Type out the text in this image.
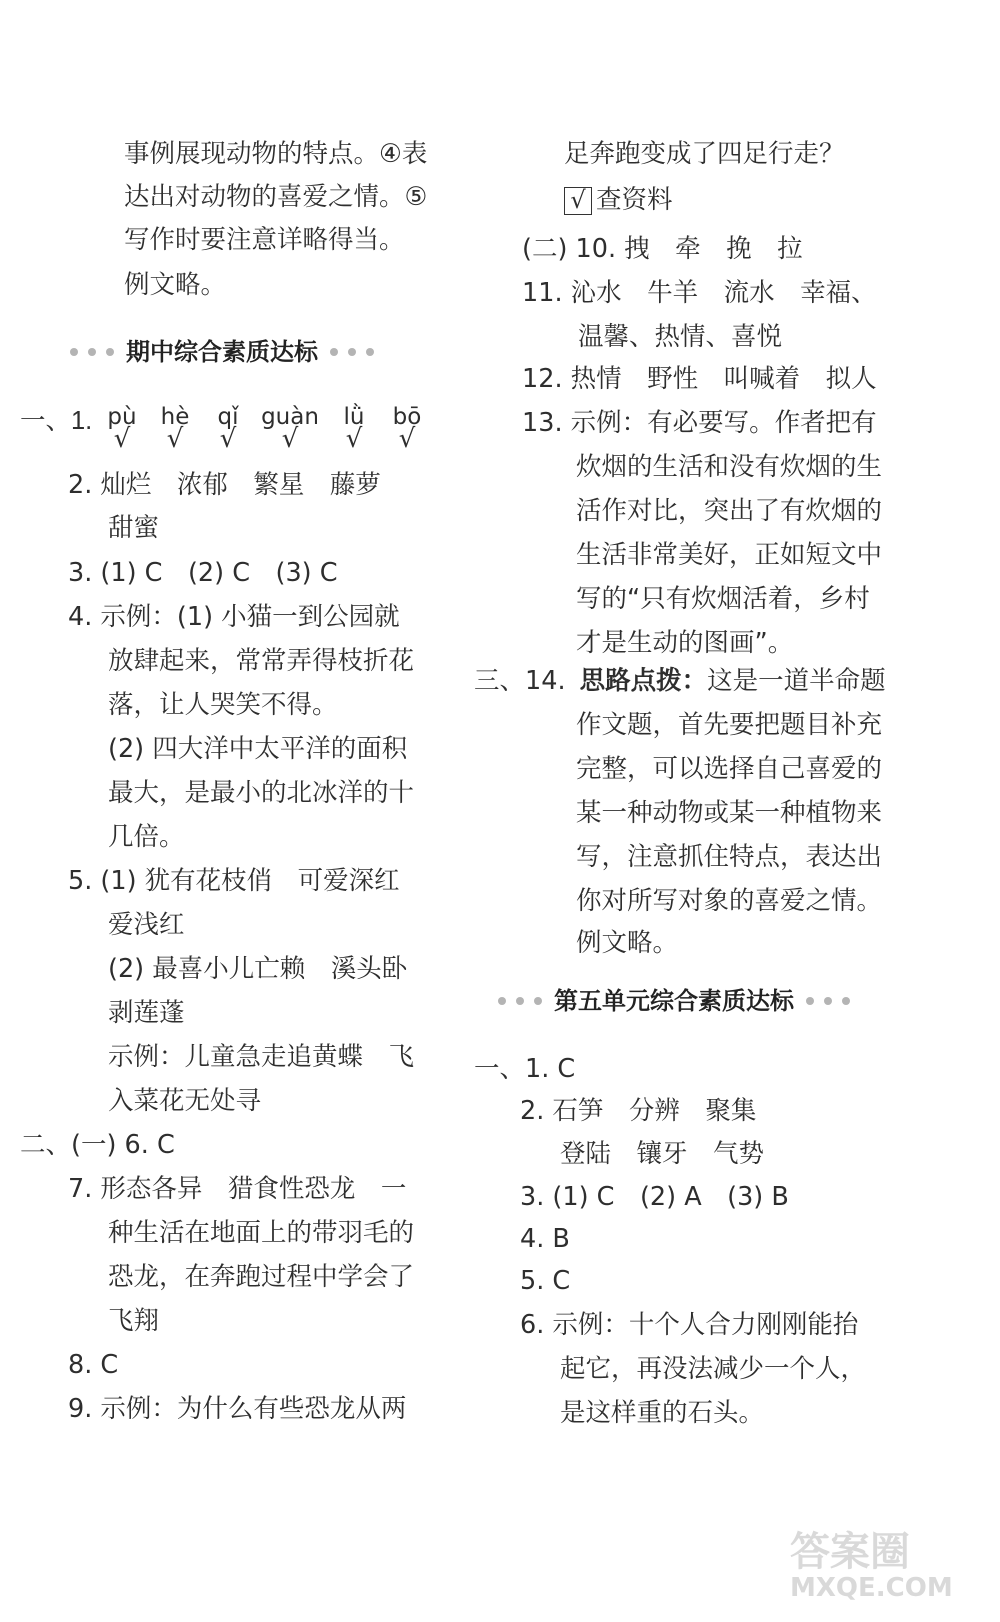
事例展现动物的特点。④表
达出对动物的喜爱之情。⑤
写作时要注意详略得当。
例文略。
期中综合素质达标
一、1. pù
√
hè
√
qǐ
√
guàn
√
lǜ
√
bō
√
2. 灿烂　浓郁　繁星　藤萝
甜蜜
3. (1) C　(2) C　(3) C
4. 示例：(1) 小猫一到公园就
放肆起来，常常弄得枝折花
落，让人哭笑不得。
(2) 四大洋中太平洋的面积
最大，是最小的北冰洋的十
几倍。
5. (1) 犹有花枝俏　可爱深红
爱浅红
(2) 最喜小儿亡赖　溪头卧
剥莲蓬
示例：儿童急走追黄蝶　飞
入菜花无处寻
二、(一) 6. C
7. 形态各异　猎食性恐龙　一
种生活在地面上的带羽毛的
恐龙，在奔跑过程中学会了
飞翔
8. C
9. 示例：为什么有些恐龙从两
足奔跑变成了四足行走？
√ 查资料
(二) 10. 拽　牵　挽　拉
11. 沁水　牛羊　流水　幸福、
温馨、热情、喜悦
12. 热情　野性　叫喊着　拟人
13. 示例：有必要写。作者把有
炊烟的生活和没有炊烟的生
活作对比，突出了有炊烟的
生活非常美好，正如短文中
写的“只有炊烟活着，乡村
才是生动的图画”。
三、14. 思路点拨：这是一道半命题
作文题，首先要把题目补充
完整，可以选择自己喜爱的
某一种动物或某一种植物来
写，注意抓住特点，表达出
你对所写对象的喜爱之情。
例文略。
第五单元综合素质达标
一、1. C
2. 石笋　分辨　聚集
登陆　镶牙　气势
3. (1) C　(2) A　(3) B
4. B
5. C
6. 示例：十个人合力刚刚能抬
起它，再没法减少一个人，
是这样重的石头。
答案圈
MXQE.COM
